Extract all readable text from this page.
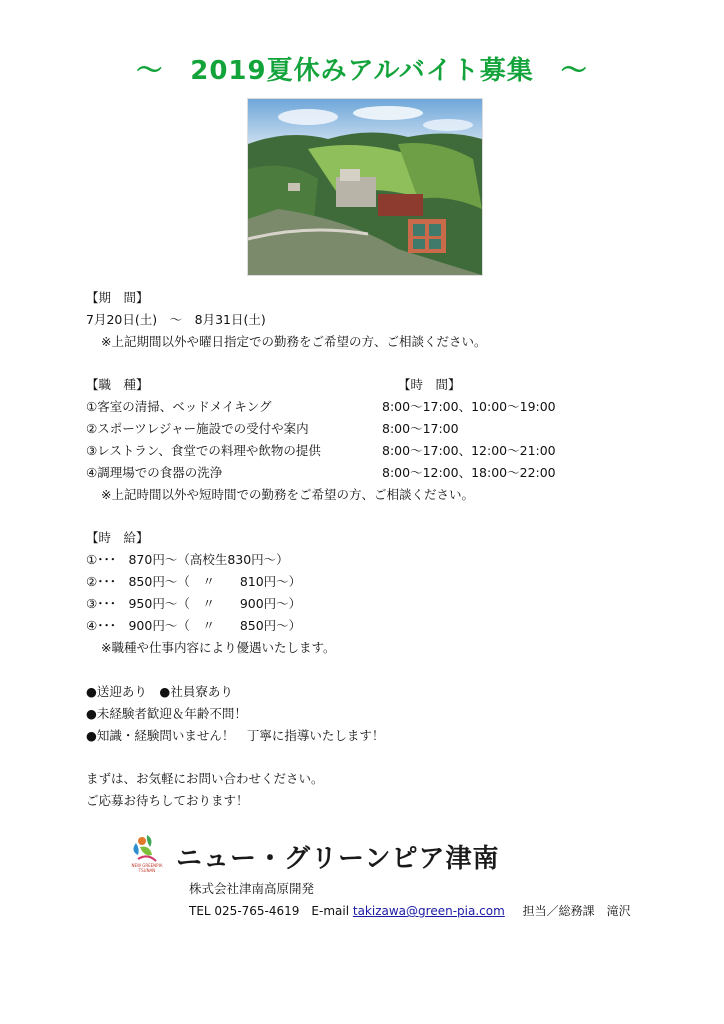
～　2019夏休みアルバイト募集　～
【期　間】
7月20日(土)　～　8月31日(土)
※上記期間以外や曜日指定での勤務をご希望の方、ご相談ください。
【職　種】	【時　間】
①客室の清掃、ベッドメイキング	8:00～17:00、10:00～19:00
②スポーツレジャー施設での受付や案内	8:00～17:00
③レストラン、食堂での料理や飲物の提供	8:00～17:00、12:00～21:00
④調理場での食器の洗浄	8:00～12:00、18:00～22:00
※上記時間以外や短時間での勤務をご希望の方、ご相談ください。
【時　給】
①･･･　870円～（高校生830円～）
②･･･　850円～（　〃　　810円～）
③･･･　950円～（　〃　　900円～）
④･･･　900円～（　〃　　850円～）
※職種や仕事内容により優遇いたします。
●送迎あり　●社員寮あり
●未経験者歓迎＆年齢不問！
●知識・経験問いません！　丁寧に指導いたします！
まずは、お気軽にお問い合わせください。
ご応募お待ちしております！
NEW GREENPIA TSUNAN ニュー・グリーンピア津南
株式会社津南高原開発
TEL 025-765-4619　E-mail takizawa@green-pia.com 担当／総務課　滝沢
